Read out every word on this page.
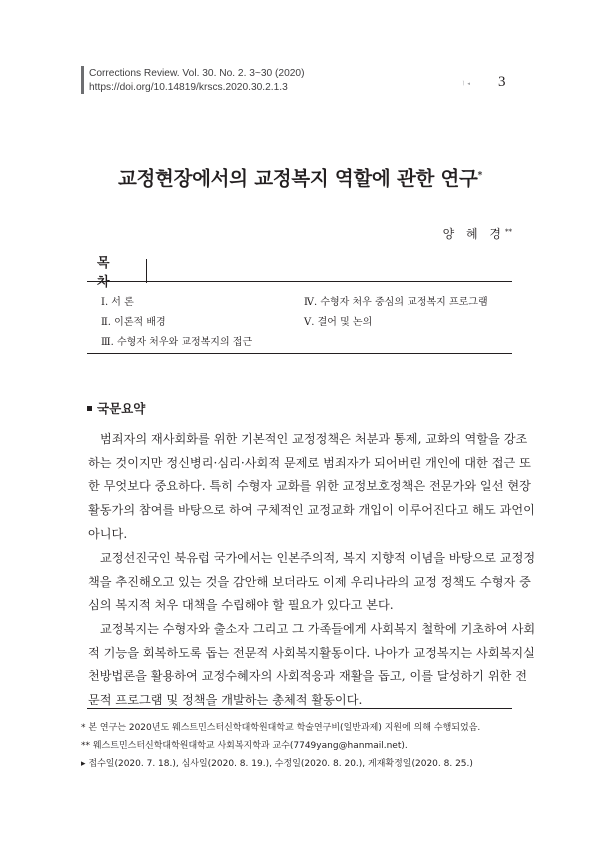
Corrections Review. Vol. 30. No. 2. 3~30 (2020)
https://doi.org/10.14819/krscs.2020.30.2.1.3	ㅣ ◂ 3
교정현장에서의 교정복지 역할에 관한 연구*
양 혜 경**
목 차
Ⅰ. 서 론
Ⅱ. 이론적 배경
Ⅲ. 수형자 처우와 교정복지의 접근
Ⅳ. 수형자 처우 중심의 교정복지 프로그램
Ⅴ. 결어 및 논의
국문요약
범죄자의 재사회화를 위한 기본적인 교정정책은 처분과 통제, 교화의 역할을 강조
하는 것이지만 정신병리·심리·사회적 문제로 범죄자가 되어버린 개인에 대한 접근 또
한 무엇보다 중요하다. 특히 수형자 교화를 위한 교정보호정책은 전문가와 일선 현장
활동가의 참여를 바탕으로 하여 구체적인 교정교화 개입이 이루어진다고 해도 과언이
아니다.
교정선진국인 북유럽 국가에서는 인본주의적, 복지 지향적 이념을 바탕으로 교정정
책을 추진해오고 있는 것을 감안해 보더라도 이제 우리나라의 교정 정책도 수형자 중
심의 복지적 처우 대책을 수립해야 할 필요가 있다고 본다.
교정복지는 수형자와 출소자 그리고 그 가족들에게 사회복지 철학에 기초하여 사회
적 기능을 회복하도록 돕는 전문적 사회복지활동이다. 나아가 교정복지는 사회복지실
천방법론을 활용하여 교정수혜자의 사회적응과 재활을 돕고, 이를 달성하기 위한 전
문적 프로그램 및 정책을 개발하는 총체적 활동이다.
* 본 연구는 2020년도 웨스트민스터신학대학원대학교 학술연구비(일반과제) 지원에 의해 수행되었음.
** 웨스트민스터신학대학원대학교 사회복지학과 교수(7749yang@hanmail.net).
▸ 접수일(2020. 7. 18.), 심사일(2020. 8. 19.), 수정일(2020. 8. 20.), 게재확정일(2020. 8. 25.)
